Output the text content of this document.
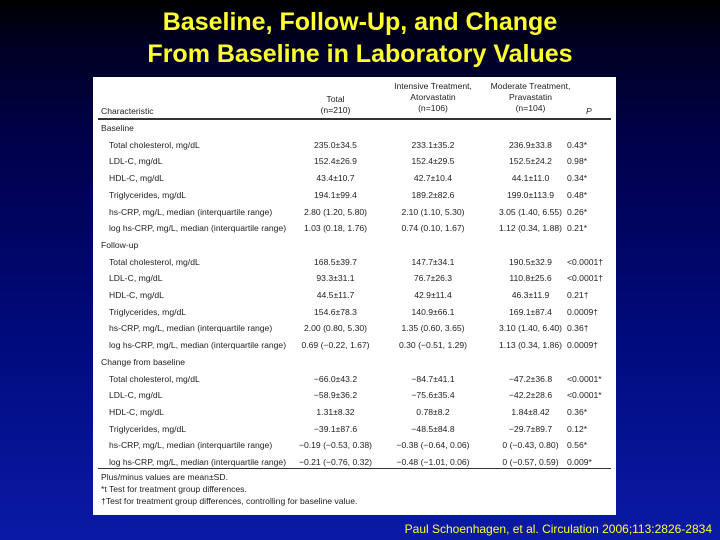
Baseline, Follow-Up, and Change
From Baseline in Laboratory Values
Characteristic
Total
(n=210)
Intensive Treatment,
Atorvastatin
(n=106)
Moderate Treatment,
Pravastatin
(n=104)	P
Baseline
Total cholesterol, mg/dL	235.0±34.5	233.1±35.2	236.9±33.8	0.43*
LDL-C, mg/dL	152.4±26.9	152.4±29.5	152.5±24.2	0.98*
HDL-C, mg/dL	43.4±10.7	42.7±10.4	44.1±11.0	0.34*
Triglycerides, mg/dL	194.1±99.4	189.2±82.6	199.0±113.9	0.48*
hs-CRP, mg/L, median (interquartile range)	2.80 (1.20, 5.80)	2.10 (1.10, 5.30)	3.05 (1.40, 6.55) 0.26*
log hs-CRP, mg/L, median (interquartile range)	1.03 (0.18, 1.76)	0.74 (0.10, 1.67)	1.12 (0.34, 1.88) 0.21*
Follow-up
Total cholesterol, mg/dL	168.5±39.7	147.7±34.1	190.5±32.9	<0.0001†
LDL-C, mg/dL	93.3±31.1	76.7±26.3	110.8±25.6	<0.0001†
HDL-C, mg/dL	44.5±11.7	42.9±11.4	46.3±11.9	0.21†
Triglycerides, mg/dL	154.6±78.3	140.9±66.1	169.1±87.4	0.0009†
hs-CRP, mg/L, median (interquartile range)	2.00 (0.80, 5.30)	1.35 (0.60, 3.65)	3.10 (1.40, 6.40) 0.36†
log hs-CRP, mg/L, median (interquartile range)	0.69 (−0.22, 1.67)	0.30 (−0.51, 1.29)	1.13 (0.34, 1.86) 0.0009†
Change from baseline
Total cholesterol, mg/dL	−66.0±43.2	−84.7±41.1	−47.2±36.8	<0.0001*
LDL-C, mg/dL	−58.9±36.2	−75.6±35.4	−42.2±28.6	<0.0001*
HDL-C, mg/dL	1.31±8.32	0.78±8.2	1.84±8.42	0.36*
Triglycerides, mg/dL	−39.1±87.6	−48.5±84.8	−29.7±89.7	0.12*
hs-CRP, mg/L, median (interquartile range)	−0.19 (−0.53, 0.38)	−0.38 (−0.64, 0.06)	0 (−0.43, 0.80) 0.56*
log hs-CRP, mg/L, median (interquartile range)	−0.21 (−0.76, 0.32)	−0.48 (−1.01, 0.06)	0 (−0.57, 0.59) 0.009*
Plus/minus values are mean±SD.
*t Test for treatment group differences.
†Test for treatment group differences, controlling for baseline value.
Paul Schoenhagen, et al. Circulation 2006;113:2826-2834
